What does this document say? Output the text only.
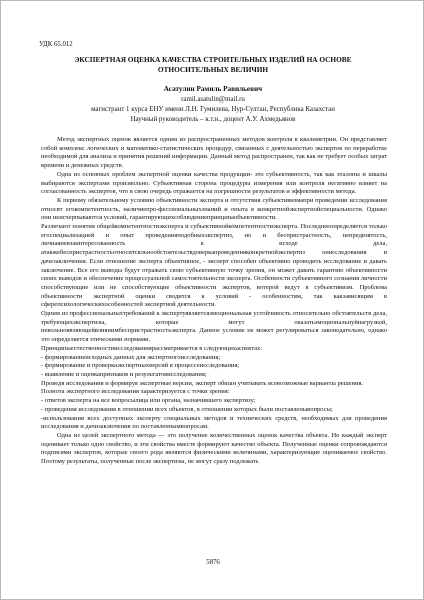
УДК 65.012

ЭКСПЕРТНАЯ ОЦЕНКА КАЧЕСТВА СТРОИТЕЛЬНЫХ ИЗДЕЛИЙ НА ОСНОВЕ ОТНОСИТЕЛЬНЫХ ВЕЛИЧИН

Асатулин Рамиль Равильевич

ramil.asatulin@mail.ru

магистрант 1 курса ЕНУ имени Л.Н. Гумилева, Нур-Султан, Республика Казахстан

Научный руководитель – к.т.н., доцент А.У. Ахмедьянов

Метод экспертных оценок является одним из распространенных методов контроля в квалиметрии. Он представляет собой комплекс логических и математико-статистических процедур, связанных с деятельностью экспертов по переработке необходимой для анализа и принятия решений информации. Данный метод распространен, так как не требует особых затрат времени и денежных средств.

Одна из основных проблем экспертной оценки качества продукции- это субъективность, так как эталоны и шкалы выбираются экспертами произвольно. Субъективная сторона процедуры измерения или контроля негативно влияет на согласованность экспертов, что в свою очередь отражается на погрешности результатов и эффективности метода.

К первому обязательному условию объективности эксперта и отсутствия субъективизмапри проведении исследования относят егокомпетентность, наличиепро-фессиональныхзнаний и опыта в конкретнойэкспертнойспециальности. Однако они неисчерпываются условий, гарантирующихсоблюдениепринципаобъективности.

Различают понятия общейкомпетентностиэксперта и субъективнойкомпетентностиэксперта. Последнееопределяется только егоспециализацией и опыт проведенияподобныхэкспертиз, но и беспристрастность, непредвзятость, личнаяневзаинтересованность в исходе дела, атакжебеспристрастностьотноситсяльнообстоятельствдоверкапроведенияконкретнойэкспертиз онисследования и дачезаключения. Если отношение эксперта объективное, - эксперт способен объективно проводить исследование и давать заключение. Все его выводы будут отражать свою субъективную точку зрения, он может давать гарантию объективности своих выводов и обеспечение процессуальной самостоятельности эксперта. Особенности субъективного сознания личности способствующие или не способствующие объективности экспертов, вотерой ведут в субъективизм. Проблема объективности экспертной оценки сводится к условий - особенностям, так какзависящим в сферепсихологическихособенностей экспертной деятельности.

Одним из профессиональныхтребований к экспертуявляетсяэмоциональная устойчивость относительно обстоятельств дела, требующихэкспертизы, которые могут оказатьэмоциональнуйнагрузкой, невольноявляющейвлиянимбеспристрастностьэксперта. Данное условие не может регулироваться законодательно, однако это определяется этическими нормами.

Принципыестествонностиисследованиярассматривается в следующихаспектах:

- формированиеисходных данных для экспертногоисследования;

- формирование и проверкаэкспертныхверсий в процессеисследования;

- выявление и оценкапризнаков и результатовисследования;

Проведя исследования и формируя экспертные версии, эксперт обязан учитывать всевозможные варианты решения.

Полнота экспертного исследования характеризуется с точки зрения:

- ответов эксперта на все вопросылица или органа, назначившего экспертизу;

- проведения исследования в отношении всех объектов, в отношении которых были поставленывопросы;

-использования всех доступных эксперту специальных методов и технических средств, необходимых для проведения исследования и дачизаключения по поставленнымвопросам.

Одна из целей экспертного метода — это получение количественных оценок качества объекта. Но каждый эксперт оценивает только одно свойство, и эти свойства вместе формируют качество объекта. Полученные оценки сопровождаются подписями экспертов, которые своего рода являются физическими величинами, характеризующие оцениваемое свойство. Поэтому результаты, полученные после экспертизы, не могут сразу подлежать

5876
